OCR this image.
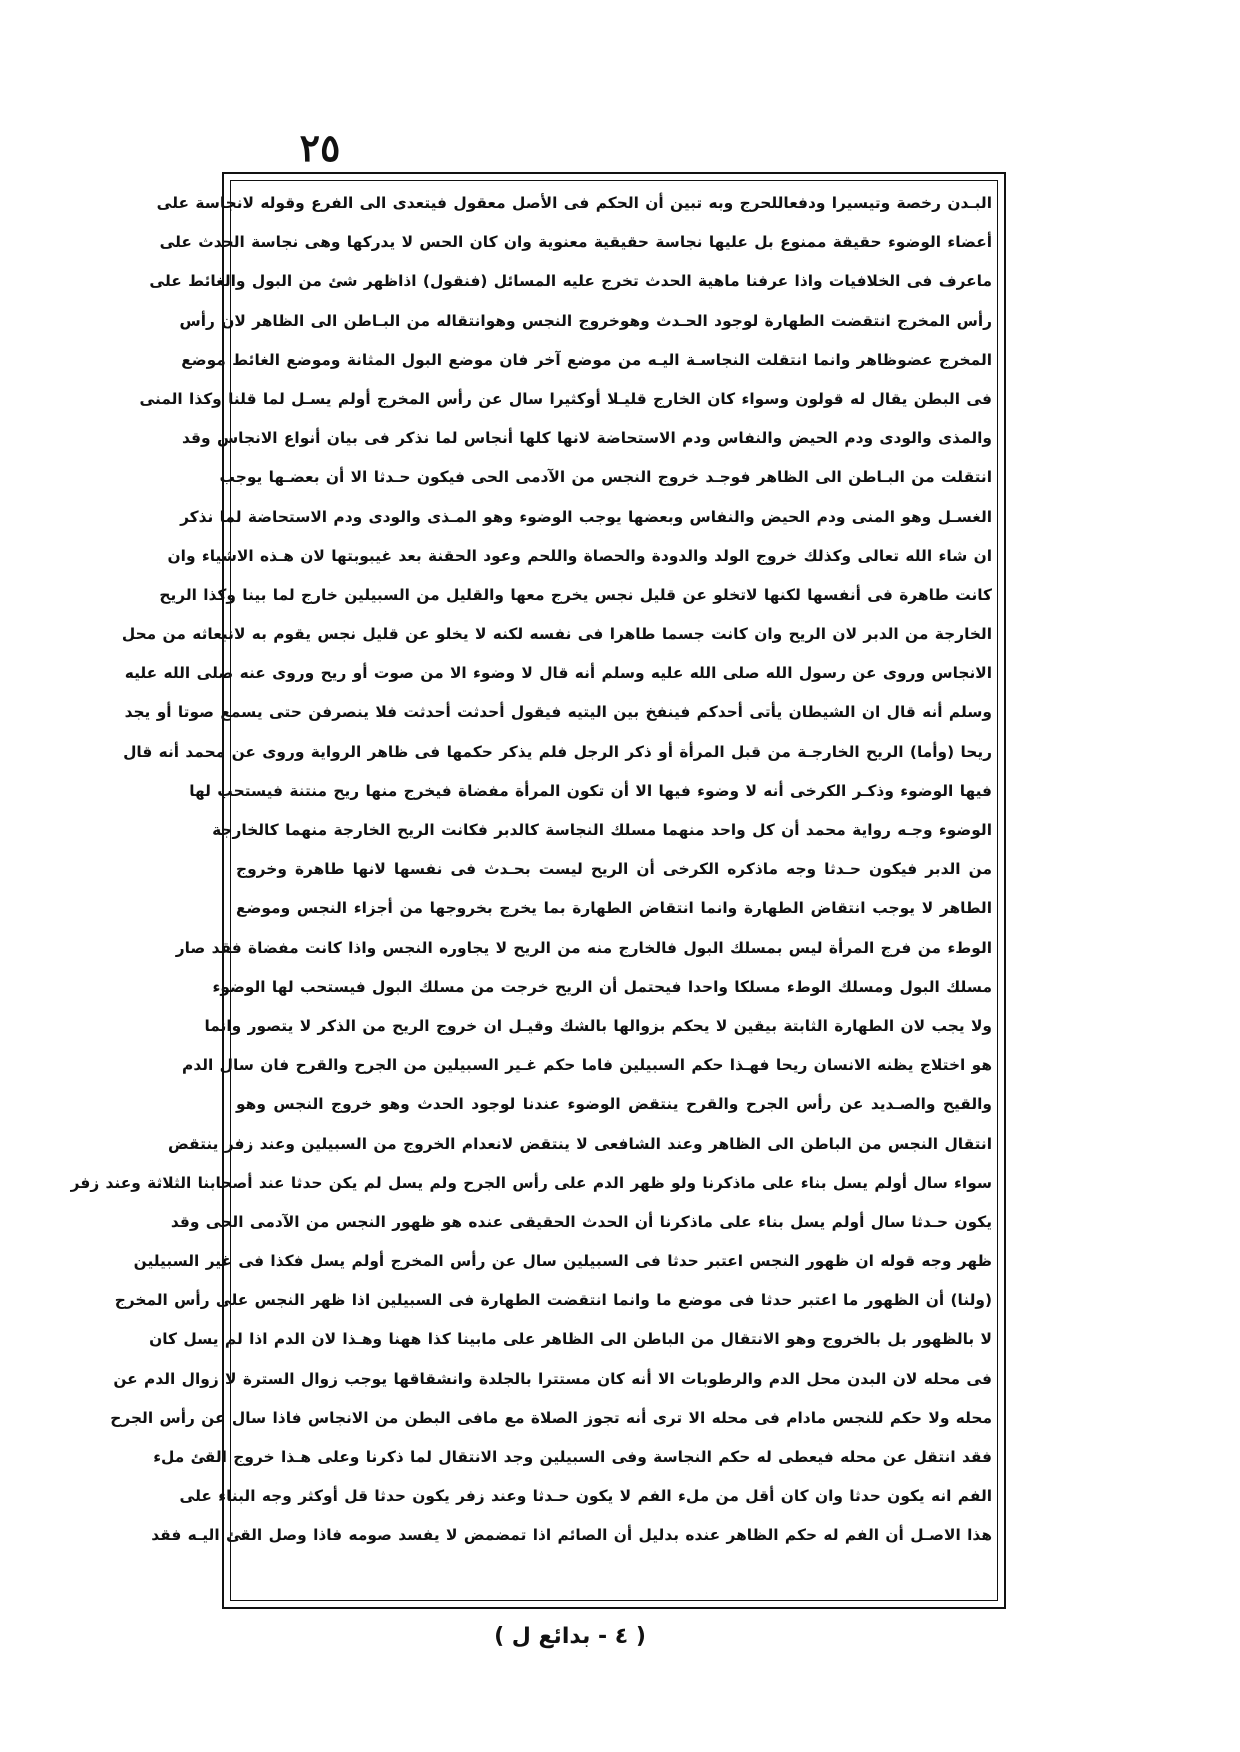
٢٥
البـدن رخصة وتيسيرا ودفعاللحرج وبه تبين أن الحكم فى الأصل معقول فيتعدى الى الفرع وقوله لانجاسة على
أعضاء الوضوء حقيقة ممنوع بل عليها نجاسة حقيقية معنوية وان كان الحس لا يدركها وهى نجاسة الحدث على
ماعرف فى الخلافيات واذا عرفنا ماهية الحدث تخرج عليه المسائل (فنقول) اذاظهر شئ من البول والغائط على
رأس المخرج انتقضت الطهارة لوجود الحـدث وهوخروج النجس وهوانتقاله من البـاطن الى الظاهر لان رأس
المخرج عضوظاهر وانما انتقلت النجاسـة اليـه من موضع آخر فان موضع البول المثانة وموضع الغائط موضع
فى البطن يقال له قولون وسواء كان الخارج قليـلا أوكثيرا سال عن رأس المخرج أولم يسـل لما قلنا وكذا المنى
والمذى والودى ودم الحيض والنفاس ودم الاستحاضة لانها كلها أنجاس لما نذكر فى بيان أنواع الانجاس وقد
انتقلت من البـاطن الى الظاهر فوجـد خروج النجس من الآدمى الحى فيكون حـدثا الا أن بعضـها يوجب
الغسـل وهو المنى ودم الحيض والنفاس وبعضها يوجب الوضوء وهو المـذى والودى ودم الاستحاضة لما نذكر
ان شاء الله تعالى وكذلك خروج الولد والدودة والحصاة واللحم وعود الحقنة بعد غيبوبتها لان هـذه الاشياء وان
كانت طاهرة فى أنفسها لكنها لاتخلو عن قليل نجس يخرج معها والقليل من السبيلين خارج لما بينا وكذا الريح
الخارجة من الدبر لان الريح وان كانت جسما طاهرا فى نفسه لكنه لا يخلو عن قليل نجس يقوم به لانبعاثه من محل
الانجاس وروى عن رسول الله صلى الله عليه وسلم أنه قال لا وضوء الا من صوت أو ريح وروى عنه صلى الله عليه
وسلم أنه قال ان الشيطان يأتى أحدكم فينفخ بين اليتيه فيقول أحدثت أحدثت فلا ينصرفن حتى يسمع صوتا أو يجد
ريحا (وأما) الريح الخارجـة من قبل المرأة أو ذكر الرجل فلم يذكر حكمها فى ظاهر الرواية وروى عن محمد أنه قال
فيها الوضوء وذكـر الكرخى أنه لا وضوء فيها الا أن تكون المرأة مفضاة فيخرج منها ريح منتنة فيستحب لها
الوضوء وجـه رواية محمد أن كل واحد منهما مسلك النجاسة كالدبر فكانت الريح الخارجة منهما كالخارجة
من الدبر فيكون حـدثا وجه ماذكره الكرخى أن الريح ليست بحـدث فى نفسها لانها طاهرة وخروج
الطاهر لا يوجب انتقاض الطهارة وانما انتقاض الطهارة بما يخرج بخروجها من أجزاء النجس وموضع
الوطء من فرج المرأة ليس بمسلك البول فالخارج منه من الريح لا يجاوره النجس واذا كانت مفضاة فقد صار
مسلك البول ومسلك الوطء مسلكا واحدا فيحتمل أن الريح خرجت من مسلك البول فيستحب لها الوضوء
ولا يجب لان الطهارة الثابتة بيقين لا يحكم بزوالها بالشك وقيـل ان خروج الريح من الذكر لا يتصور وانما
هو اختلاج يظنه الانسان ريحا فهـذا حكم السبيلين فاما حكم غـير السبيلين من الجرح والقرح فان سال الدم
والقيح والصـديد عن رأس الجرح والقرح ينتقض الوضوء عندنا لوجود الحدث وهو خروج النجس وهو
انتقال النجس من الباطن الى الظاهر وعند الشافعى لا ينتقض لانعدام الخروج من السبيلين وعند زفر ينتقض
سواء سال أولم يسل بناء على ماذكرنا ولو ظهر الدم على رأس الجرح ولم يسل لم يكن حدثا عند أصحابنا الثلاثة وعند زفر
يكون حـدثا سال أولم يسل بناء على ماذكرنا أن الحدث الحقيقى عنده هو ظهور النجس من الآدمى الحى وقد
ظهر وجه قوله ان ظهور النجس اعتبر حدثا فى السبيلين سال عن رأس المخرج أولم يسل فكذا فى غير السبيلين
(ولنا) أن الظهور ما اعتبر حدثا فى موضع ما وانما انتقضت الطهارة فى السبيلين اذا ظهر النجس على رأس المخرج
لا بالظهور بل بالخروج وهو الانتقال من الباطن الى الظاهر على مابينا كذا ههنا وهـذا لان الدم اذا لم يسل كان
فى محله لان البدن محل الدم والرطوبات الا أنه كان مستترا بالجلدة وانشقاقها يوجب زوال السترة لا زوال الدم عن
محله ولا حكم للنجس مادام فى محله الا ترى أنه تجوز الصلاة مع مافى البطن من الانجاس فاذا سال عن رأس الجرح
فقد انتقل عن محله فيعطى له حكم النجاسة وفى السبيلين وجد الانتقال لما ذكرنا وعلى هـذا خروج القئ ملء
الفم انه يكون حدثا وان كان أقل من ملء الفم لا يكون حـدثا وعند زفر يكون حدثا قل أوكثر وجه البناء على
هذا الاصـل أن الفم له حكم الظاهر عنده بدليل أن الصائم اذا تمضمض لا يفسد صومه فاذا وصل القئ اليـه فقد
( ٤ - بدائع ل )
